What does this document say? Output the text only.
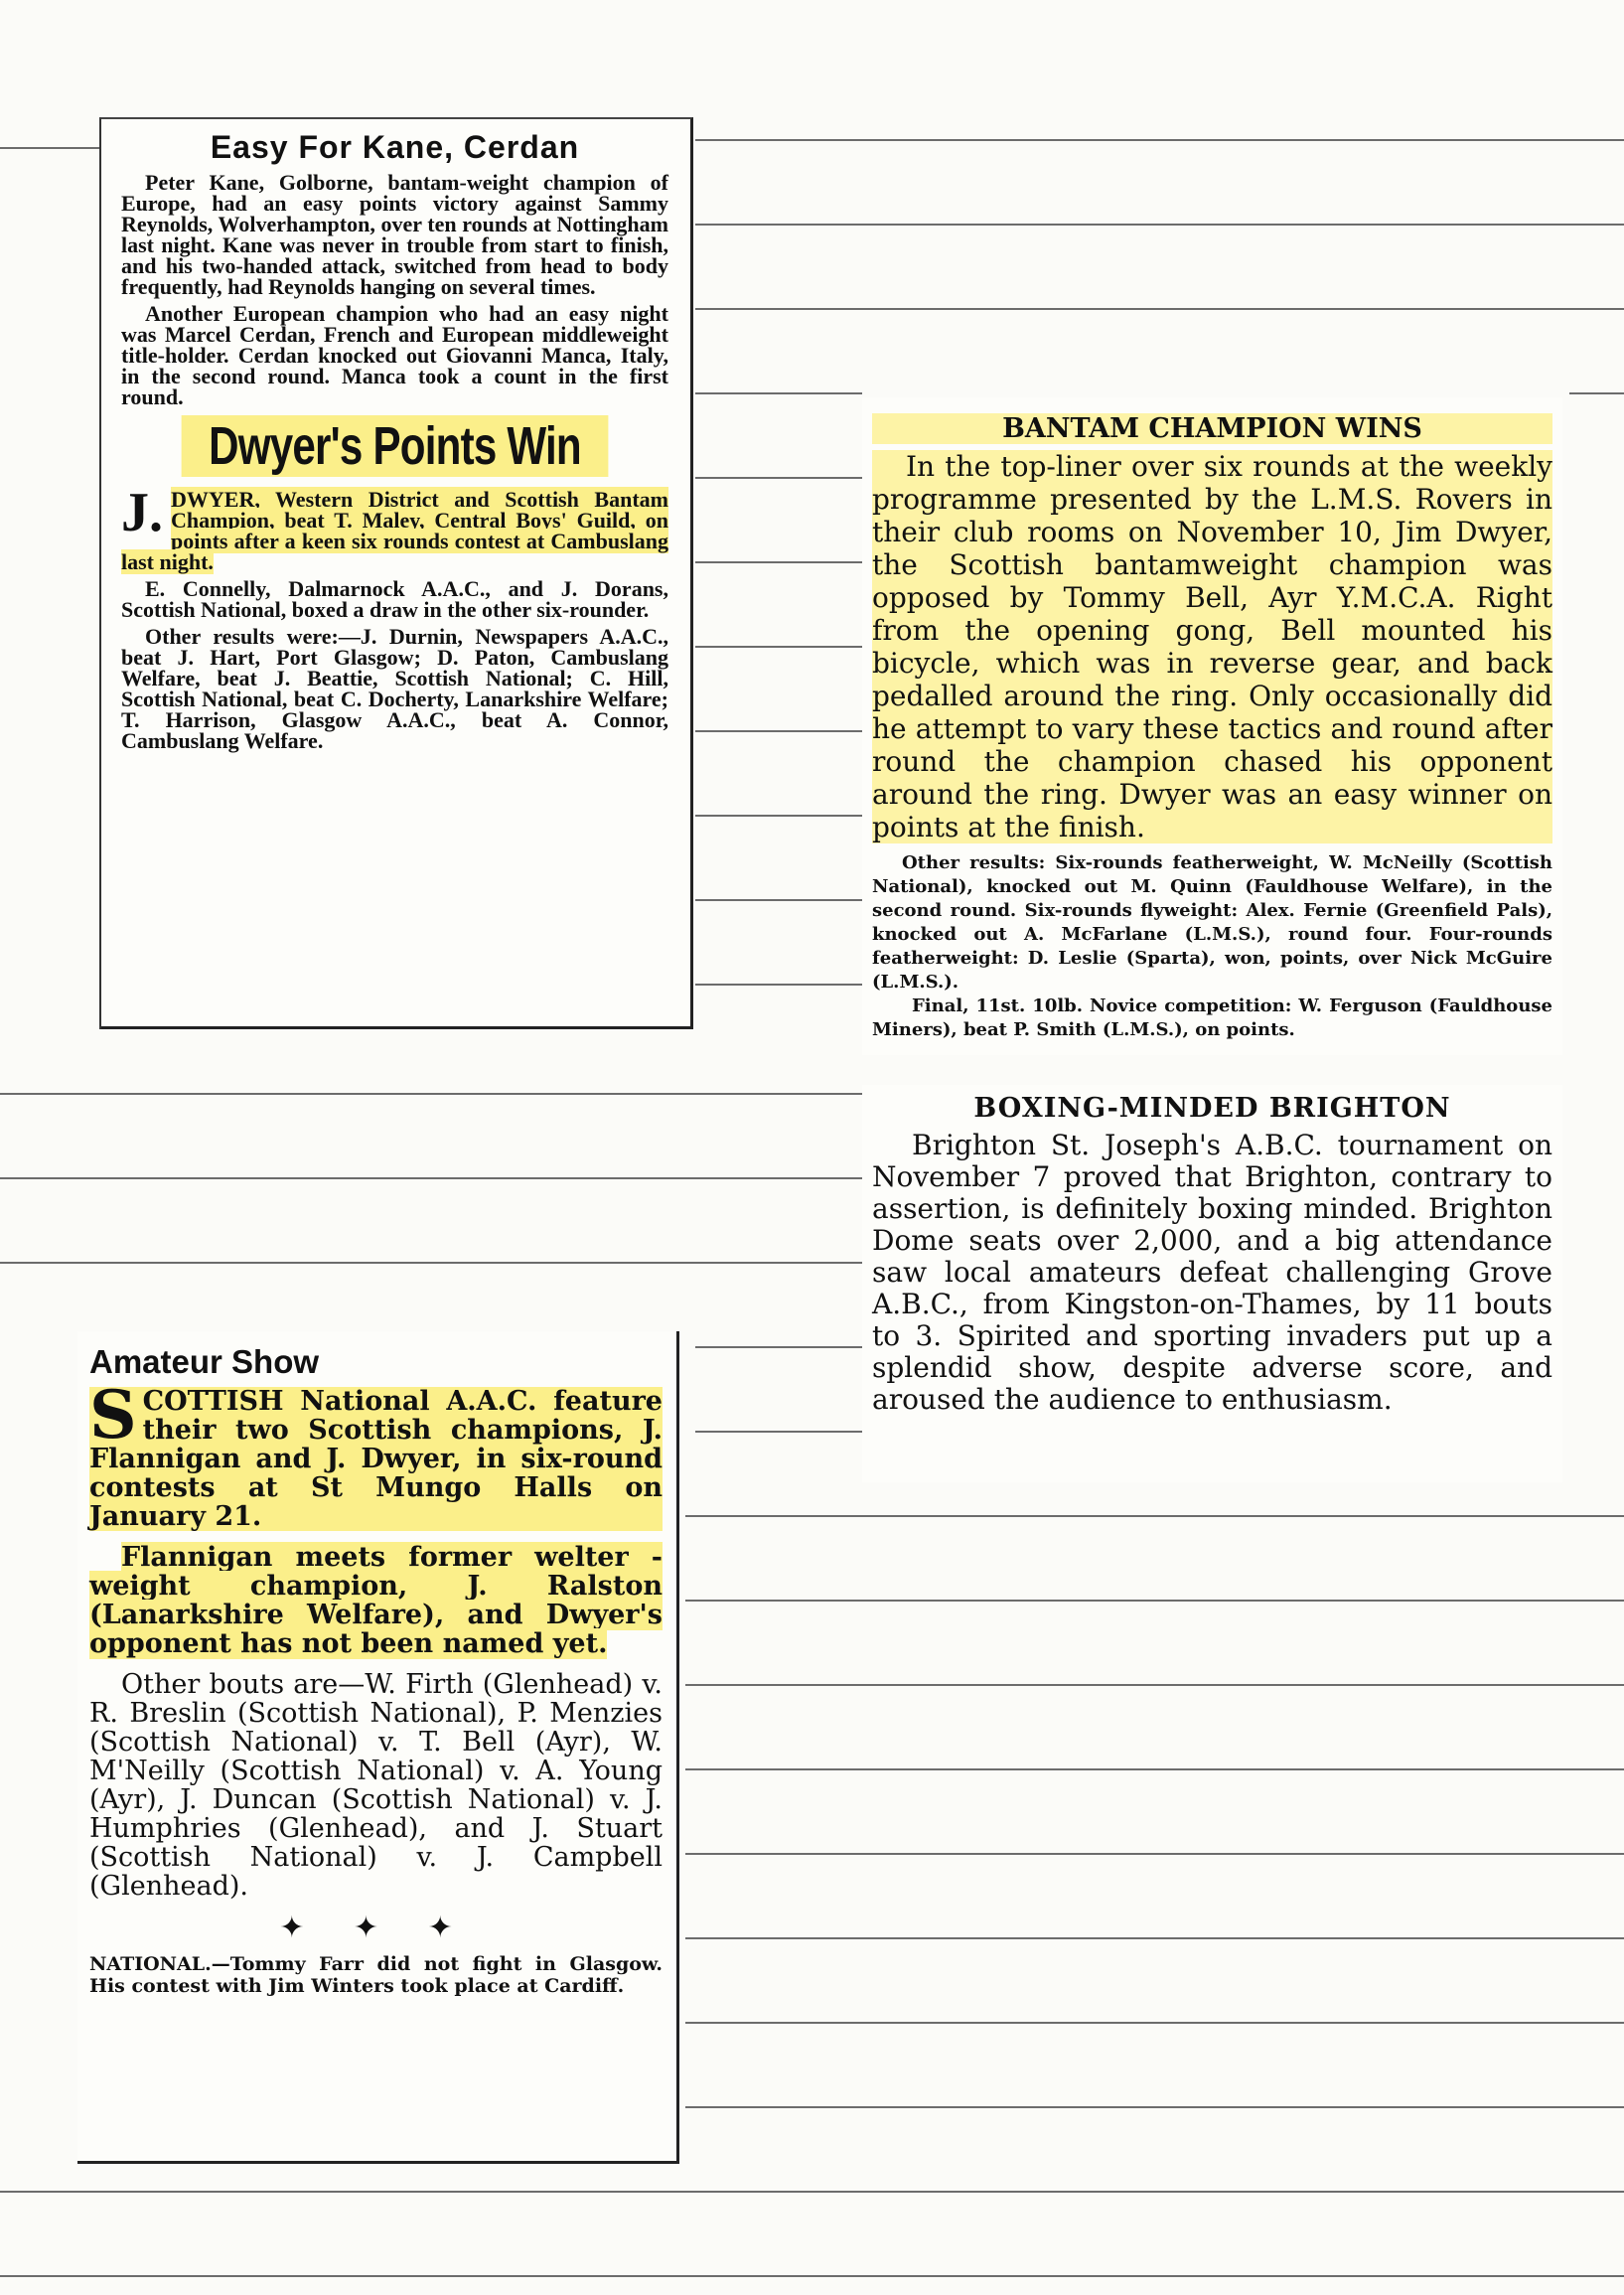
Easy For Kane, Cerdan

Peter Kane, Golborne, bantam-weight champion of Europe, had an easy points victory against Sammy Reynolds, Wolverhampton, over ten rounds at Nottingham last night. Kane was never in trouble from start to finish, and his two-handed attack, switched from head to body frequently, had Reynolds hanging on several times.

Another European champion who had an easy night was Marcel Cerdan, French and European middleweight title-holder. Cerdan knocked out Giovanni Manca, Italy, in the second round. Manca took a count in the first round.

Dwyer's Points Win
J. DWYER, Western District and Scottish Bantam Champion, beat T. Maley, Central Boys' Guild, on points after a keen six rounds contest at Cambuslang last night.

E. Connelly, Dalmarnock A.A.C., and J. Dorans, Scottish National, boxed a draw in the other six-rounder.

Other results were:—J. Durnin, Newspapers A.A.C., beat J. Hart, Port Glasgow; D. Paton, Cambuslang Welfare, beat J. Beattie, Scottish National; C. Hill, Scottish National, beat C. Docherty, Lanarkshire Welfare; T. Harrison, Glasgow A.A.C., beat A. Connor, Cambuslang Welfare.

BANTAM CHAMPION WINS

In the top-liner over six rounds at the weekly programme presented by the L.M.S. Rovers in their club rooms on November 10, Jim Dwyer, the Scottish bantamweight champion was opposed by Tommy Bell, Ayr Y.M.C.A. Right from the opening gong, Bell mounted his bicycle, which was in reverse gear, and back pedalled around the ring. Only occasionally did he attempt to vary these tactics and round after round the champion chased his opponent around the ring. Dwyer was an easy winner on points at the finish.

Other results: Six-rounds featherweight, W. McNeilly (Scottish National), knocked out M. Quinn (Fauldhouse Welfare), in the second round. Six-rounds flyweight: Alex. Fernie (Greenfield Pals), knocked out A. McFarlane (L.M.S.), round four. Four-rounds featherweight: D. Leslie (Sparta), won, points, over Nick McGuire (L.M.S.).

Final, 11st. 10lb. Novice competition: W. Ferguson (Fauldhouse Miners), beat P. Smith (L.M.S.), on points.

BOXING-MINDED BRIGHTON

Brighton St. Joseph's A.B.C. tournament on November 7 proved that Brighton, contrary to assertion, is definitely boxing minded. Brighton Dome seats over 2,000, and a big attendance saw local amateurs defeat challenging Grove A.B.C., from Kingston-on-Thames, by 11 bouts to 3. Spirited and sporting invaders put up a splendid show, despite adverse score, and aroused the audience to enthusiasm.

Amateur Show
S COTTISH National A.A.C. feature their two Scottish champions, J. Flannigan and J. Dwyer, in six-round contests at St Mungo Halls on January 21.
Flannigan meets former welter - weight champion, J. Ralston (Lanarkshire Welfare), and Dwyer's opponent has not been named yet.
Other bouts are—W. Firth (Glenhead) v. R. Breslin (Scottish National), P. Menzies (Scottish National) v. T. Bell (Ayr), W. M'Neilly (Scottish National) v. A. Young (Ayr), J. Duncan (Scottish National) v. J. Humphries (Glenhead), and J. Stuart (Scottish National) v. J. Campbell (Glenhead).
✦ ✦ ✦
NATIONAL.—Tommy Farr did not fight in Glasgow. His contest with Jim Winters took place at Cardiff.
